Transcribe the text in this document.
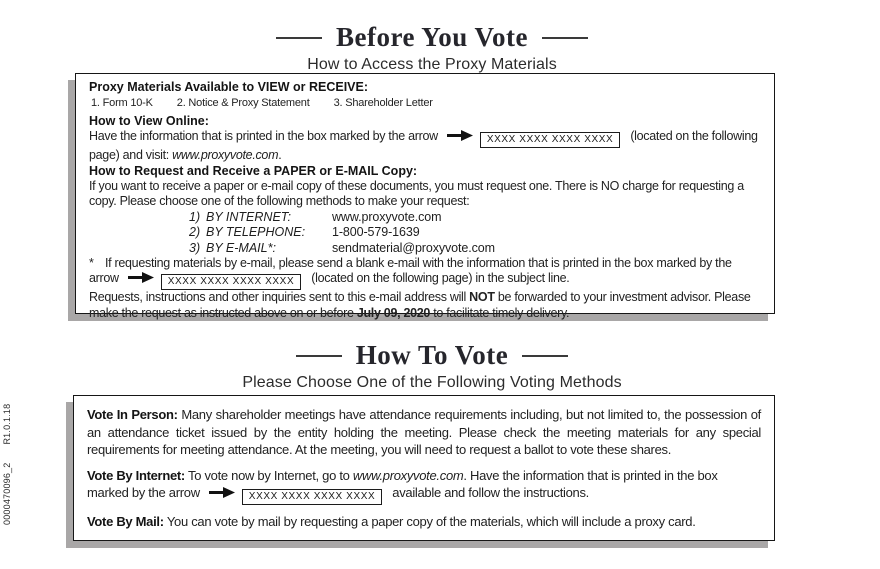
Before You Vote
How to Access the Proxy Materials
Proxy Materials Available to VIEW or RECEIVE:
1. Form 10-K 2. Notice & Proxy Statement 3. Shareholder Letter
How to View Online:
Have the information that is printed in the box marked by the arrow	XXXX XXXX XXXX XXXX (located on the following page) and visit: www.proxyvote.com.
How to Request and Receive a PAPER or E-MAIL Copy:
If you want to receive a paper or e-mail copy of these documents, you must request one. There is NO charge for requesting a copy. Please choose one of the following methods to make your request:
1) BY INTERNET:	www.proxyvote.com
2) BY TELEPHONE: 1-800-579-1639
3) BY E-MAIL*:	sendmaterial@proxyvote.com
* If requesting materials by e-mail, please send a blank e-mail with the information that is printed in the box marked by the arrow	XXXX XXXX XXXX XXXX (located on the following page) in the subject line.
Requests, instructions and other inquiries sent to this e-mail address will NOT be forwarded to your investment advisor. Please make the request as instructed above on or before July 09, 2020 to facilitate timely delivery.
How To Vote
Please Choose One of the Following Voting Methods
Vote In Person: Many shareholder meetings have attendance requirements including, but not limited to, the possession of an attendance ticket issued by the entity holding the meeting. Please check the meeting materials for any special requirements for meeting attendance. At the meeting, you will need to request a ballot to vote these shares.
Vote By Internet: To vote now by Internet, go to www.proxyvote.com. Have the information that is printed in the box marked by the arrow	XXXX XXXX XXXX XXXX available and follow the instructions.
Vote By Mail: You can vote by mail by requesting a paper copy of the materials, which will include a proxy card.
0000470096_2
R1.0.1.18
